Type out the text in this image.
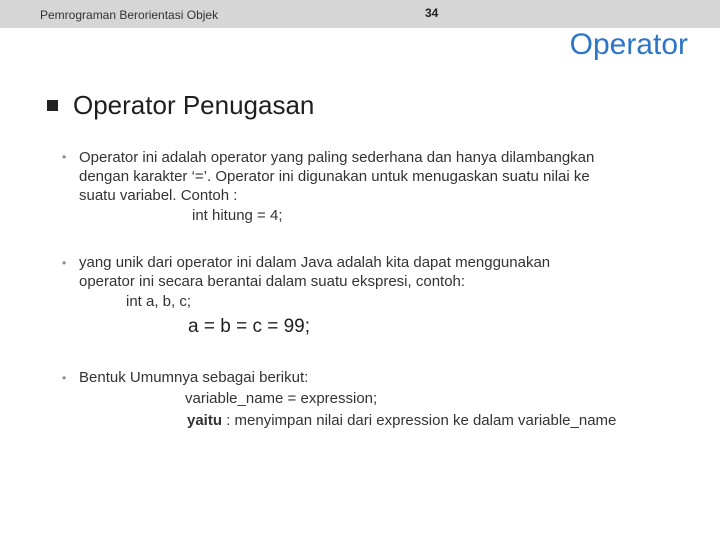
Pemrograman Berorientasi Objek	34
Operator
Operator Penugasan
• Operator ini adalah operator yang paling sederhana dan hanya dilambangkan
dengan karakter ‘=’. Operator ini digunakan untuk menugaskan suatu nilai ke
suatu variabel. Contoh :
int hitung = 4;
• yang unik dari operator ini dalam Java adalah kita dapat menggunakan
operator ini secara berantai dalam suatu ekspresi, contoh:
int a, b, c;
a = b = c = 99;
• Bentuk Umumnya sebagai berikut:
variable_name = expression;
yaitu : menyimpan nilai dari expression ke dalam variable_name
